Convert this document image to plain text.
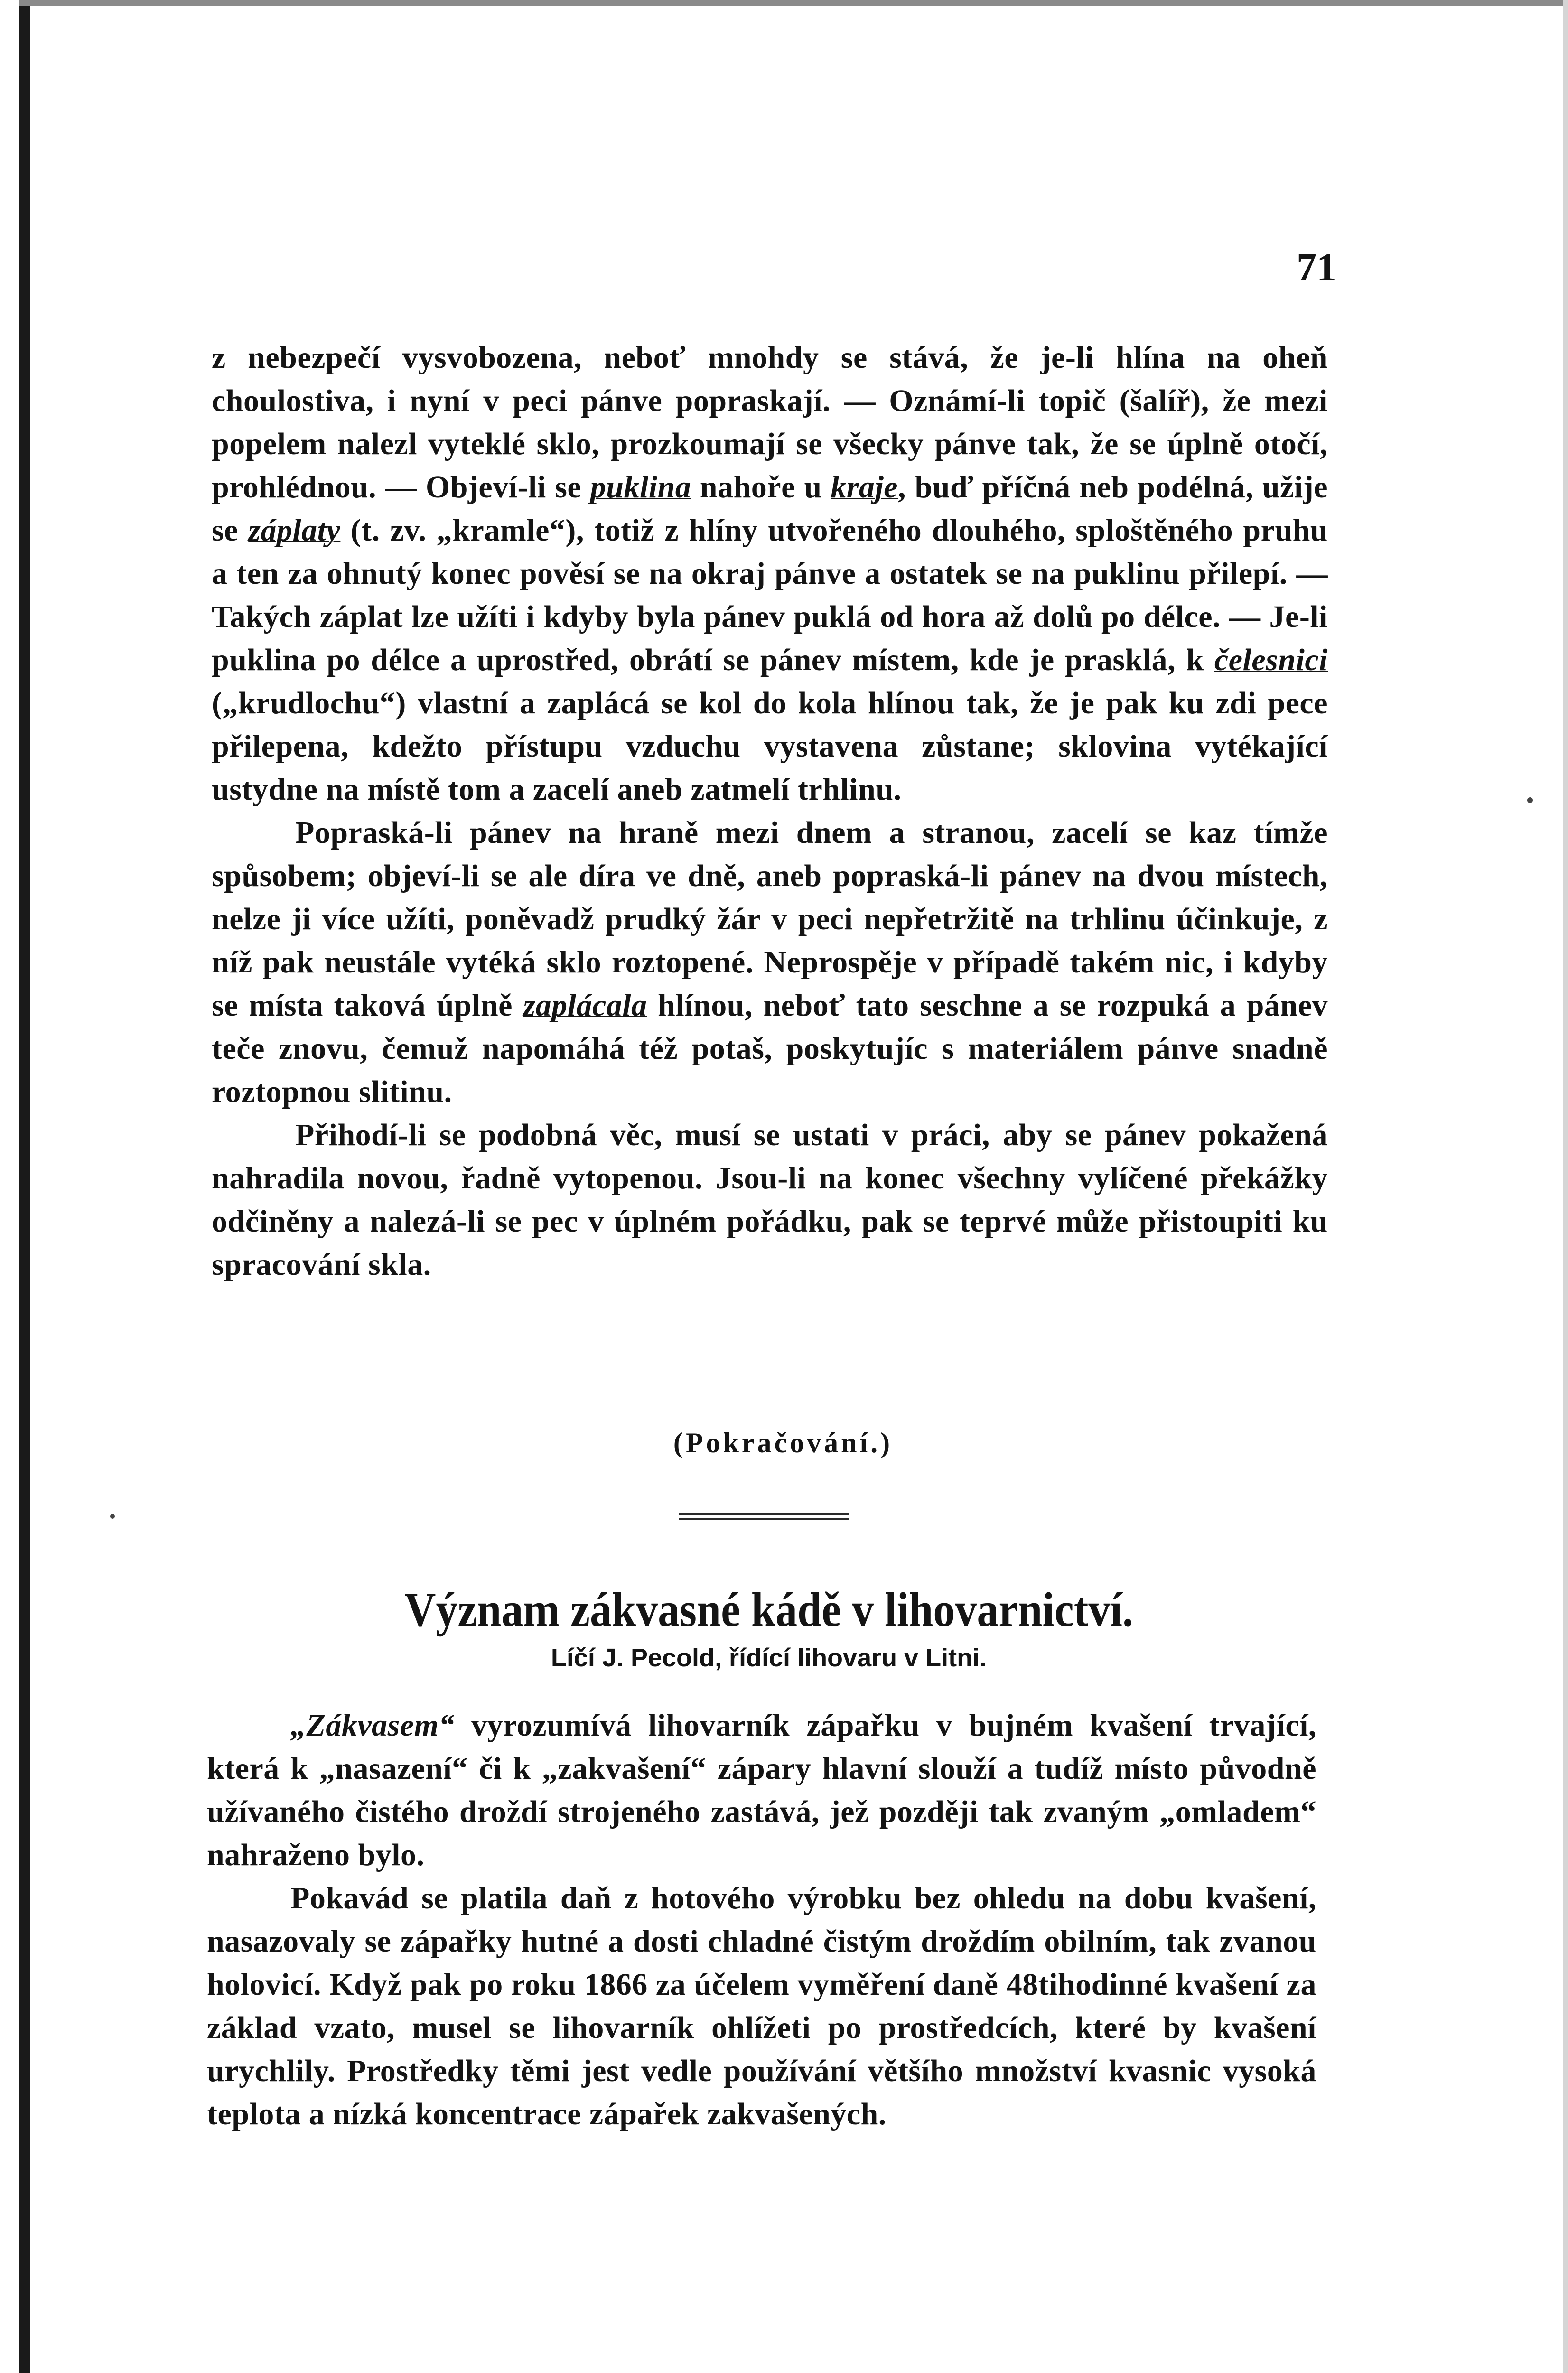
71

z nebezpečí vysvobozena, neboť mnohdy se stává, že je-li hlína na oheň choulostiva, i nyní v peci pánve popraskají. — Oznámí-li topič (šalíř), že mezi popelem nalezl vyteklé sklo, prozkoumají se všecky pánve tak, že se úplně otočí, prohlédnou. — Objeví-li se puklina nahoře u kraje, buď příčná neb podélná, užije se záplaty (t. zv. „kramle“), totiž z hlíny utvořeného dlouhého, sploštěného pruhu a ten za ohnutý konec pověsí se na okraj pánve a ostatek se na puklinu přilepí. — Takých záplat lze užíti i kdyby byla pánev puklá od hora až dolů po délce. — Je-li puklina po délce a uprostřed, obrátí se pánev místem, kde je prasklá, k čelesnici („krudlochu“) vlastní a zaplácá se kol do kola hlínou tak, že je pak ku zdi pece přilepena, kdežto přístupu vzduchu vystavena zůstane; sklovina vytékající ustydne na místě tom a zacelí aneb zatmelí trhlinu.

Popraská-li pánev na hraně mezi dnem a stranou, zacelí se kaz tímže spůsobem; objeví-li se ale díra ve dně, aneb popraská-li pánev na dvou místech, nelze ji více užíti, poněvadž prudký žár v peci nepřetržitě na trhlinu účinkuje, z níž pak neustále vytéká sklo roztopené. Neprospěje v případě takém nic, i kdyby se místa taková úplně zaplácala hlínou, neboť tato seschne a se rozpuká a pánev teče znovu, čemuž napomáhá též potaš, poskytujíc s materiálem pánve snadně roztopnou slitinu.

Přihodí-li se podobná věc, musí se ustati v práci, aby se pánev pokažená nahradila novou, řadně vytopenou. Jsou-li na konec všechny vylíčené překážky odčiněny a nalezá-li se pec v úplném pořádku, pak se teprvé může přistoupiti ku spracování skla.

(Pokračování.)
Význam zákvasné kádě v lihovarnictví.
Líčí J. Pecold, řídící lihovaru v Litni.

„Zákvasem“ vyrozumívá lihovarník zápařku v bujném kvašení trvající, která k „nasazení“ či k „zakvašení“ zápary hlavní slouží a tudíž místo původně užívaného čistého droždí strojeného zastává, jež později tak zvaným „omladem“ nahraženo bylo.

Pokavád se platila daň z hotového výrobku bez ohledu na dobu kvašení, nasazovaly se zápařky hutné a dosti chladné čistým droždím obilním, tak zvanou holovicí. Když pak po roku 1866 za účelem vyměření daně 48tihodinné kvašení za základ vzato, musel se lihovarník ohlížeti po prostředcích, které by kvašení urychlily. Prostředky těmi jest vedle používání většího množství kvasnic vysoká teplota a nízká koncentrace zápařek zakvašených.
